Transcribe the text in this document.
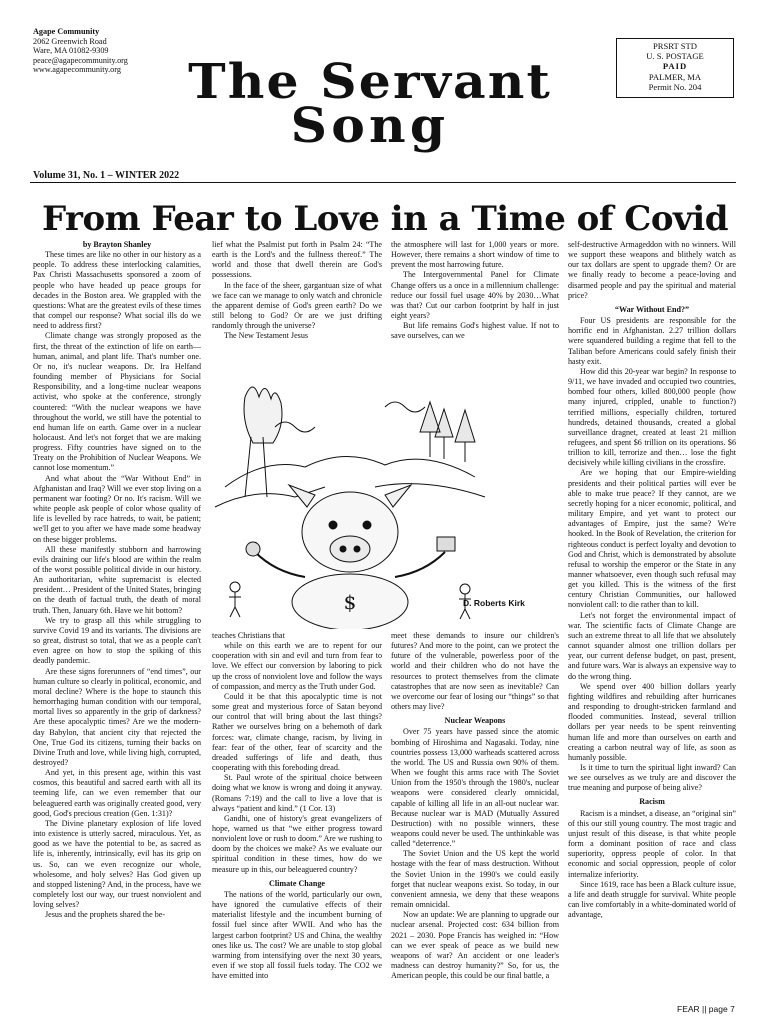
Agape Community
2062 Greenwich Road
Ware, MA 01082-9309
peace@agapecommunity.org
www.agapecommunity.org	The Servant
Song
PRSRT STD
U. S. POSTAGE
PAID
PALMER, MA
Permit No. 204
Volume 31, No. 1 – WINTER 2022
From Fear to Love in a Time of Covid

by Brayton Shanley

These times are like no other in our history as a people. To address these interlocking calamities, Pax Christi Massachusetts sponsored a zoom of people who have headed up peace groups for decades in the Boston area. We grappled with the questions: What are the greatest evils of these times that compel our response? What social ills do we need to address first?

Climate change was strongly proposed as the first, the threat of the extinction of life on earth—human, animal, and plant life. That's number one. Or no, it's nuclear weapons. Dr. Ira Helfand founding member of Physicians for Social Responsibility, and a long-time nuclear weapons activist, who spoke at the conference, strongly countered: “With the nuclear weapons we have throughout the world, we still have the potential to end human life on earth. Game over in a nuclear holocaust. And let's not forget that we are making progress. Fifty countries have signed on to the Treaty on the Prohibition of Nuclear Weapons. We cannot lose momentum.”

And what about the “War Without End” in Afghanistan and Iraq? Will we ever stop living on a permanent war footing? Or no. It's racism. Will we white people ask people of color whose quality of life is levelled by race hatreds, to wait, be patient; we'll get to you after we have made some headway on these bigger problems.

All these manifestly stubborn and harrowing evils draining our life's blood are within the realm of the worst possible political divide in our history. An authoritarian, white supremacist is elected president… President of the United States, bringing on the death of factual truth, the death of moral truth. Then, January 6th. Have we hit bottom?

We try to grasp all this while struggling to survive Covid 19 and its variants. The divisions are so great, distrust so total, that we as a people can't even agree on how to stop the spiking of this deadly pandemic.

Are these signs forerunners of “end times”, our human culture so clearly in political, economic, and moral decline? Where is the hope to staunch this hemorrhaging human condition with our temporal, mortal lives so apparently in the grip of darkness? Are these apocalyptic times? Are we the modern-day Babylon, that ancient city that rejected the One, True God its citizens, turning their backs on Divine Truth and love, while living high, corrupted, destroyed?

And yet, in this present age, within this vast cosmos, this beautiful and sacred earth with all its teeming life, can we even remember that our beleaguered earth was originally created good, very good, God's precious creation (Gen. 1:31)?

The Divine planetary explosion of life loved into existence is utterly sacred, miraculous. Yet, as good as we have the potential to be, as sacred as life is, inherently, intrinsically, evil has its grip on us. So, can we even recognize our whole, wholesome, and holy selves? Has God given up and stopped listening? And, in the process, have we completely lost our way, our truest nonviolent and loving selves?

Jesus and the prophets shared the be-

lief what the Psalmist put forth in Psalm 24: “The earth is the Lord's and the fullness thereof.” The world and those that dwell therein are God's possessions.

In the face of the sheer, gargantuan size of what we face can we manage to only watch and chronicle the apparent demise of God's green earth? Do we still belong to God? Or are we just drifting randomly through the universe?

The New Testament Jesus

the atmosphere will last for 1,000 years or more. However, there remains a short window of time to prevent the most harrowing future.

The Intergovernmental Panel for Climate Change offers us a once in a millennium challenge: reduce our fossil fuel usage 40% by 2030…What was that? Cut our carbon footprint by half in just eight years?

But life remains God's highest value. If not to save ourselves, can we

$	D. Roberts Kirk

teaches Christians that

while on this earth we are to repent for our cooperation with sin and evil and turn from fear to love. We effect our conversion by laboring to pick up the cross of nonviolent love and follow the ways of compassion, and mercy as the Truth under God.

Could it be that this apocalyptic time is not some great and mysterious force of Satan beyond our control that will bring about the last things? Rather we ourselves bring on a behemoth of dark forces: war, climate change, racism, by living in fear: fear of the other, fear of scarcity and the dreaded sufferings of life and death, thus cooperating with this foreboding dread.

St. Paul wrote of the spiritual choice between doing what we know is wrong and doing it anyway. (Romans 7:19) and the call to live a love that is always “patient and kind.” (1 Cor. 13)

Gandhi, one of history's great evangelizers of hope, warned us that “we either progress toward nonviolent love or rush to doom.” Are we rushing to doom by the choices we make? As we evaluate our spiritual condition in these times, how do we measure up in this, our beleaguered country?

Climate Change

The nations of the world, particularly our own, have ignored the cumulative effects of their materialist lifestyle and the incumbent burning of fossil fuel since after WWII. And who has the largest carbon footprint? US and China, the wealthy ones like us. The cost? We are unable to stop global warming from intensifying over the next 30 years, even if we stop all fossil fuels today. The CO2 we have emitted into

meet these demands to insure our children's futures? And more to the point, can we protect the future of the vulnerable, powerless poor of the world and their children who do not have the resources to protect themselves from the climate catastrophes that are now seen as inevitable? Can we overcome our fear of losing our “things” so that others may live?

Nuclear Weapons

Over 75 years have passed since the atomic bombing of Hiroshima and Nagasaki. Today, nine countries possess 13,000 warheads scattered across the world. The US and Russia own 90% of them. When we fought this arms race with The Soviet Union from the 1950's through the 1980's, nuclear weapons were considered clearly omnicidal, capable of killing all life in an all-out nuclear war. Because nuclear war is MAD (Mutually Assured Destruction) with no possible winners, these weapons could never be used. The unthinkable was called “deterrence.”

The Soviet Union and the US kept the world hostage with the fear of mass destruction. Without the Soviet Union in the 1990's we could easily forget that nuclear weapons exist. So today, in our convenient amnesia, we deny that these weapons remain omnicidal.

Now an update: We are planning to upgrade our nuclear arsenal. Projected cost: 634 billion from 2021 – 2030. Pope Francis has weighed in: “How can we ever speak of peace as we build new weapons of war? An accident or one leader's madness can destroy humanity?” So, for us, the American people, this could be our final battle, a

self-destructive Armageddon with no winners. Will we support these weapons and blithely watch as our tax dollars are spent to upgrade them? Or are we finally ready to become a peace-loving and disarmed people and pay the spiritual and material price?

“War Without End?”

Four US presidents are responsible for the horrific end in Afghanistan. 2.27 trillion dollars were squandered building a regime that fell to the Taliban before Americans could safely finish their hasty exit.

How did this 20-year war begin? In response to 9/11, we have invaded and occupied two countries, bombed four others, killed 800,000 people (how many injured, crippled, unable to function?) terrified millions, especially children, tortured hundreds, detained thousands, created a global surveillance dragnet, created at least 21 million refugees, and spent $6 trillion on its operations. $6 trillion to kill, terrorize and then… lose the fight decisively while killing civilians in the crossfire.

Are we hoping that our Empire-wielding presidents and their political parties will ever be able to make true peace? If they cannot, are we secretly hoping for a nicer economic, political, and military Empire, and yet want to protect our advantages of Empire, just the same? We're hooked. In the Book of Revelation, the criterion for righteous conduct is perfect loyalty and devotion to God and Christ, which is demonstrated by absolute refusal to worship the emperor or the State in any manner whatsoever, even though such refusal may get you killed. This is the witness of the first century Christian Communities, our hallowed nonviolent call: to die rather than to kill.

Let's not forget the environmental impact of war. The scientific facts of Climate Change are such an extreme threat to all life that we absolutely cannot squander almost one trillion dollars per year, our current defense budget, on past, present, and future wars. War is always an expensive way to do the wrong thing.

We spend over 400 billion dollars yearly fighting wildfires and rebuilding after hurricanes and responding to drought-stricken farmland and flooded communities. Instead, several trillion dollars per year needs to be spent reinventing human life and more than ourselves on earth and creating a carbon neutral way of life, as soon as humanly possible.

Is it time to turn the spiritual light inward? Can we see ourselves as we truly are and discover the true meaning and purpose of being alive?

Racism

Racism is a mindset, a disease, an “original sin” of this our still young country. The most tragic and unjust result of this disease, is that white people form a dominant position of race and class superiority, oppress people of color. In that economic and social oppression, people of color internalize inferiority.

Since 1619, race has been a Black culture issue, a life and death struggle for survival. White people can live comfortably in a white-dominated world of advantage,

FEAR || page 7
